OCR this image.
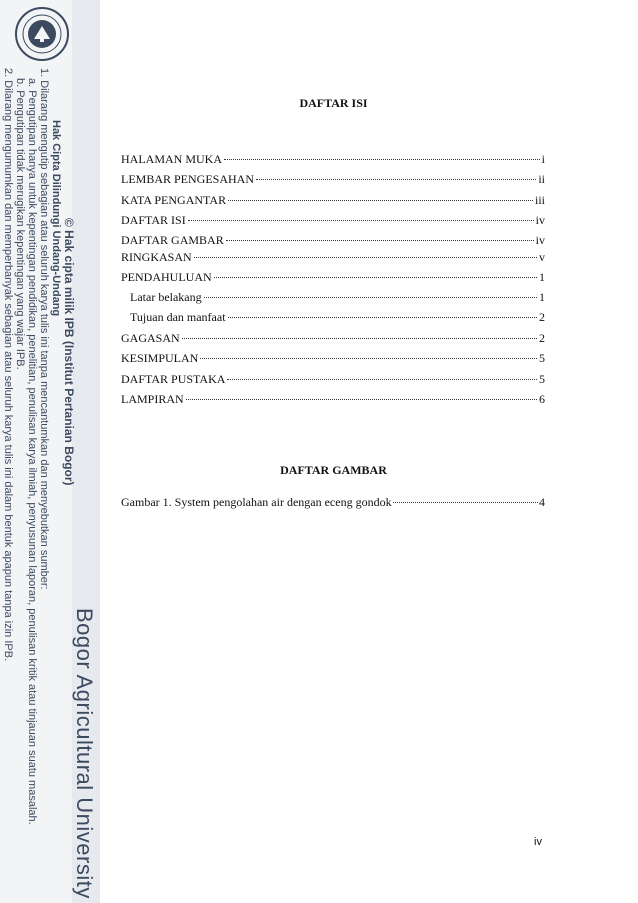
Bogor Agricultural University
© Hak cipta milik IPB (Institut Pertanian Bogor)
Hak Cipta Dilindungi Undang-Undang
1. Dilarang mengutip sebagian atau seluruh karya tulis ini tanpa mencantumkan dan menyebutkan sumber:
a. Pengutipan hanya untuk kepentingan pendidikan, penelitian, penulisan karya ilmiah, penyusunan laporan, penulisan kritik atau tinjauan suatu masalah.
b. Pengutipan tidak merugikan kepentingan yang wajar IPB.
2. Dilarang mengumumkan dan memperbanyak sebagian atau seluruh karya tulis ini dalam bentuk apapun tanpa izin IPB.	DAFTAR ISI
HALAMAN MUKA	i
LEMBAR PENGESAHAN	ii
KATA PENGANTAR	iii
DAFTAR ISI	iv
DAFTAR GAMBAR	iv
RINGKASAN	v
PENDAHULUAN	1
Latar belakang	1
Tujuan dan manfaat	2
GAGASAN	2
KESIMPULAN	5
DAFTAR PUSTAKA	5
LAMPIRAN	6
DAFTAR GAMBAR
Gambar 1. System pengolahan air dengan eceng gondok	4
iv
